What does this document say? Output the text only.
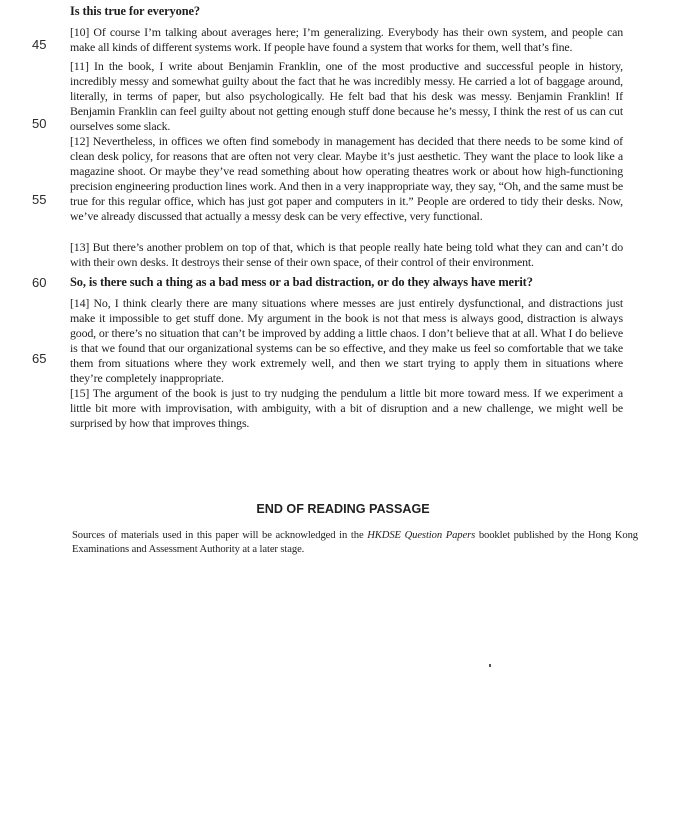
45
50
55
60
65
Is this true for everyone?
[10] Of course I’m talking about averages here; I’m generalizing. Everybody has their own system, and people can make all kinds of different systems work. If people have found a system that works for them, well that’s fine.
[11] In the book, I write about Benjamin Franklin, one of the most productive and successful people in history, incredibly messy and somewhat guilty about the fact that he was incredibly messy. He carried a lot of baggage around, literally, in terms of paper, but also psychologically. He felt bad that his desk was messy. Benjamin Franklin! If Benjamin Franklin can feel guilty about not getting enough stuff done because he’s messy, I think the rest of us can cut ourselves some slack.
[12] Nevertheless, in offices we often find somebody in management has decided that there needs to be some kind of clean desk policy, for reasons that are often not very clear. Maybe it’s just aesthetic. They want the place to look like a magazine shoot. Or maybe they’ve read something about how operating theatres work or about how high-functioning precision engineering production lines work. And then in a very inappropriate way, they say, “Oh, and the same must be true for this regular office, which has just got paper and computers in it.” People are ordered to tidy their desks. Now, we’ve already discussed that actually a messy desk can be very effective, very functional.
[13] But there’s another problem on top of that, which is that people really hate being told what they can and can’t do with their own desks. It destroys their sense of their own space, of their control of their environment.
So, is there such a thing as a bad mess or a bad distraction, or do they always have merit?
[14] No, I think clearly there are many situations where messes are just entirely dysfunctional, and distractions just make it impossible to get stuff done. My argument in the book is not that mess is always good, distraction is always good, or there’s no situation that can’t be improved by adding a little chaos. I don’t believe that at all. What I do believe is that we found that our organizational systems can be so effective, and they make us feel so comfortable that we take them from situations where they work extremely well, and then we start trying to apply them in situations where they’re completely inappropriate.
[15] The argument of the book is just to try nudging the pendulum a little bit more toward mess. If we experiment a little bit more with improvisation, with ambiguity, with a bit of disruption and a new challenge, we might well be surprised by how that improves things.
END OF READING PASSAGE
Sources of materials used in this paper will be acknowledged in the HKDSE Question Papers booklet published by the Hong Kong Examinations and Assessment Authority at a later stage.
